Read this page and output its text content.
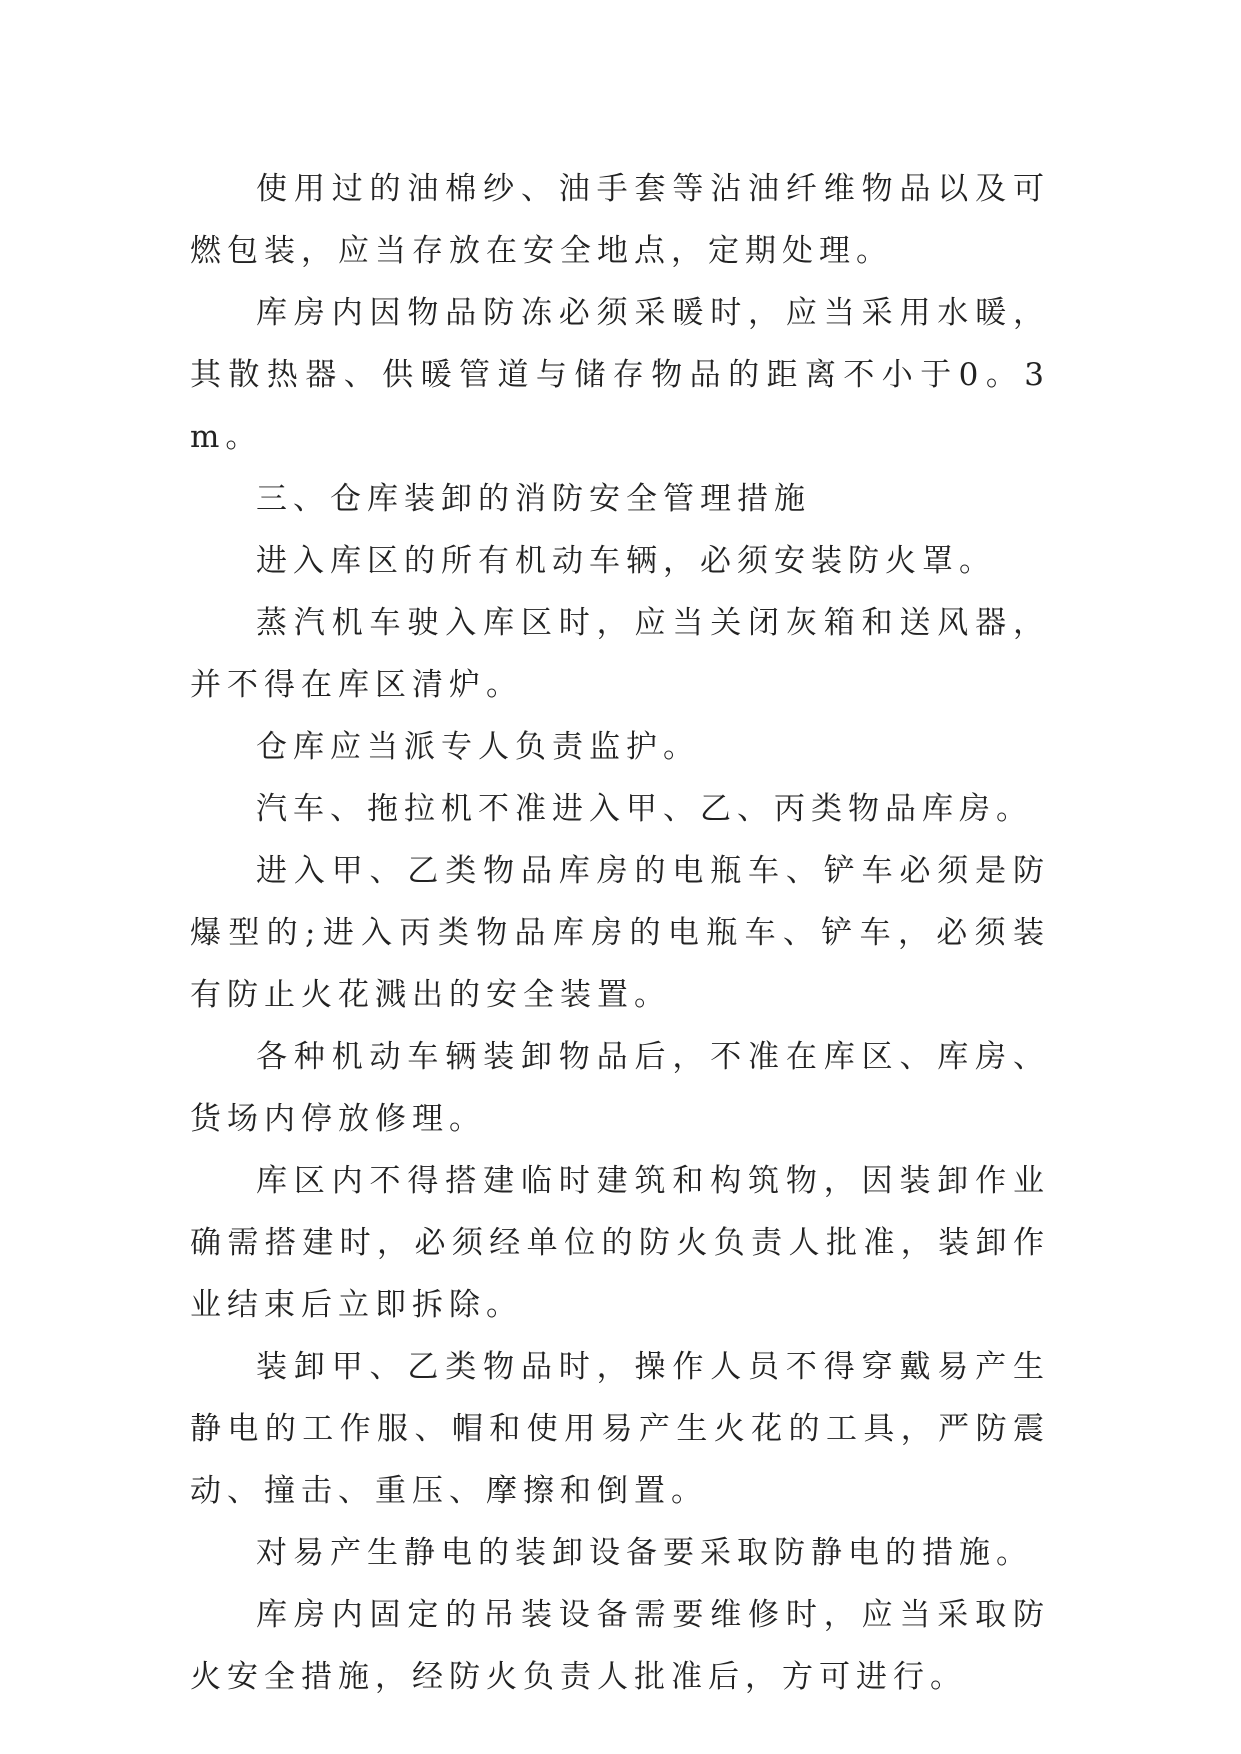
使用过的油棉纱、油手套等沾油纤维物品以及可燃包装，应当存放在安全地点，定期处理。

库房内因物品防冻必须采暖时，应当采用水暖，其散热器、供暖管道与储存物品的距离不小于0。3m。

三、仓库装卸的消防安全管理措施

进入库区的所有机动车辆，必须安装防火罩。

蒸汽机车驶入库区时，应当关闭灰箱和送风器，并不得在库区清炉。

仓库应当派专人负责监护。

汽车、拖拉机不准进入甲、乙、丙类物品库房。

进入甲、乙类物品库房的电瓶车、铲车必须是防爆型的;进入丙类物品库房的电瓶车、铲车，必须装有防止火花溅出的安全装置。

各种机动车辆装卸物品后，不准在库区、库房、货场内停放修理。

库区内不得搭建临时建筑和构筑物，因装卸作业确需搭建时，必须经单位的防火负责人批准，装卸作业结束后立即拆除。

装卸甲、乙类物品时，操作人员不得穿戴易产生静电的工作服、帽和使用易产生火花的工具，严防震动、撞击、重压、摩擦和倒置。

对易产生静电的装卸设备要采取防静电的措施。

库房内固定的吊装设备需要维修时，应当采取防火安全措施，经防火负责人批准后，方可进行。
